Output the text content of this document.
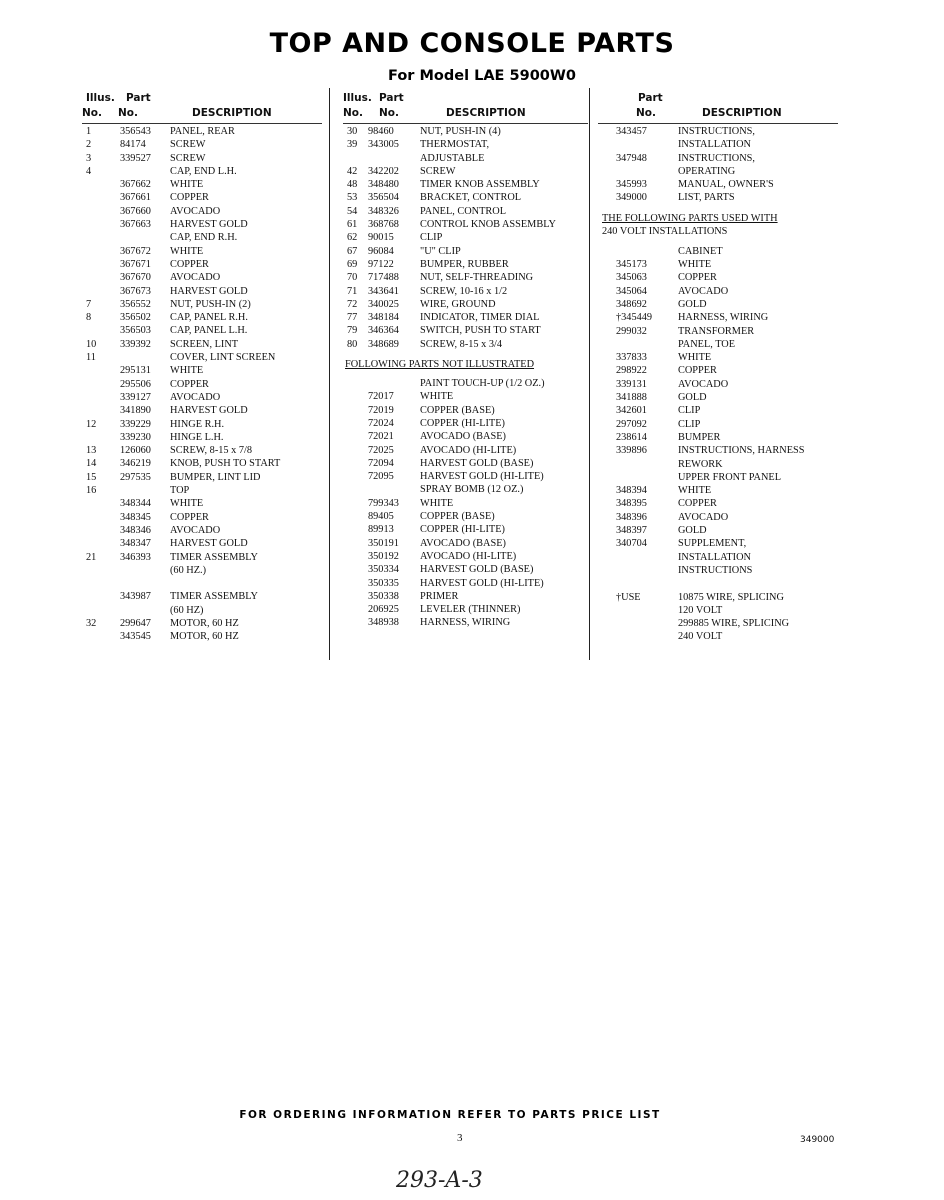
TOP AND CONSOLE PARTS
For Model LAE 5900W0
Illus. Part
No. No.	DESCRIPTION
1	356543 PANEL, REAR
2	84174 SCREW
3	339527 SCREW
4	CAP, END L.H.
367662 WHITE
367661 COPPER
367660 AVOCADO
367663 HARVEST GOLD
CAP, END R.H.
367672 WHITE
367671 COPPER
367670 AVOCADO
367673 HARVEST GOLD
7	356552 NUT, PUSH-IN (2)
8	356502 CAP, PANEL R.H.
356503 CAP, PANEL L.H.
10 339392 SCREEN, LINT
11	COVER, LINT SCREEN
295131 WHITE
295506 COPPER
339127 AVOCADO
341890 HARVEST GOLD
12 339229 HINGE R.H.
339230 HINGE L.H.
13 126060 SCREW, 8-15 x 7/8
14 346219 KNOB, PUSH TO START
15 297535 BUMPER, LINT LID
16	TOP
348344 WHITE
348345 COPPER
348346 AVOCADO
348347 HARVEST GOLD
21 346393 TIMER ASSEMBLY
(60 HZ.)
343987 TIMER ASSEMBLY
(60 HZ)
32 299647 MOTOR, 60 HZ
343545 MOTOR, 60 HZ
Illus. Part
No. No.	DESCRIPTION
30 98460	NUT, PUSH-IN (4)
39 343005 THERMOSTAT,
ADJUSTABLE
42 342202 SCREW
48 348480 TIMER KNOB ASSEMBLY
53 356504 BRACKET, CONTROL
54 348326 PANEL, CONTROL
61 368768 CONTROL KNOB ASSEMBLY
62 90015	CLIP
67 96084	"U" CLIP
69 97122	BUMPER, RUBBER
70 717488 NUT, SELF-THREADING
71 343641 SCREW, 10-16 x 1/2
72 340025 WIRE, GROUND
77 348184 INDICATOR, TIMER DIAL
79 346364 SWITCH, PUSH TO START
80 348689 SCREW, 8-15 x 3/4
FOLLOWING PARTS NOT ILLUSTRATED
PAINT TOUCH-UP (1/2 OZ.)
72017	WHITE
72019	COPPER (BASE)
72024	COPPER (HI-LITE)
72021	AVOCADO (BASE)
72025	AVOCADO (HI-LITE)
72094	HARVEST GOLD (BASE)
72095	HARVEST GOLD (HI-LITE)
SPRAY BOMB (12 OZ.)
799343 WHITE
89405	COPPER (BASE)
89913	COPPER (HI-LITE)
350191 AVOCADO (BASE)
350192 AVOCADO (HI-LITE)
350334 HARVEST GOLD (BASE)
350335 HARVEST GOLD (HI-LITE)
350338 PRIMER
206925 LEVELER (THINNER)
348938 HARNESS, WIRING
Part
No.	DESCRIPTION
343457	INSTRUCTIONS,
INSTALLATION
347948	INSTRUCTIONS,
OPERATING
345993	MANUAL, OWNER'S
349000	LIST, PARTS
THE FOLLOWING PARTS USED WITH
240 VOLT INSTALLATIONS
CABINET
345173	WHITE
345063	COPPER
345064	AVOCADO
348692	GOLD
†345449	HARNESS, WIRING
299032	TRANSFORMER
PANEL, TOE
337833	WHITE
298922	COPPER
339131	AVOCADO
341888	GOLD
342601	CLIP
297092	CLIP
238614	BUMPER
339896	INSTRUCTIONS, HARNESS
REWORK
UPPER FRONT PANEL
348394	WHITE
348395	COPPER
348396	AVOCADO
348397	GOLD
340704	SUPPLEMENT,
INSTALLATION
INSTRUCTIONS
†USE	10875 WIRE, SPLICING
120 VOLT
299885 WIRE, SPLICING
240 VOLT
FOR ORDERING INFORMATION REFER TO PARTS PRICE LIST
3	349000
293-A-3
